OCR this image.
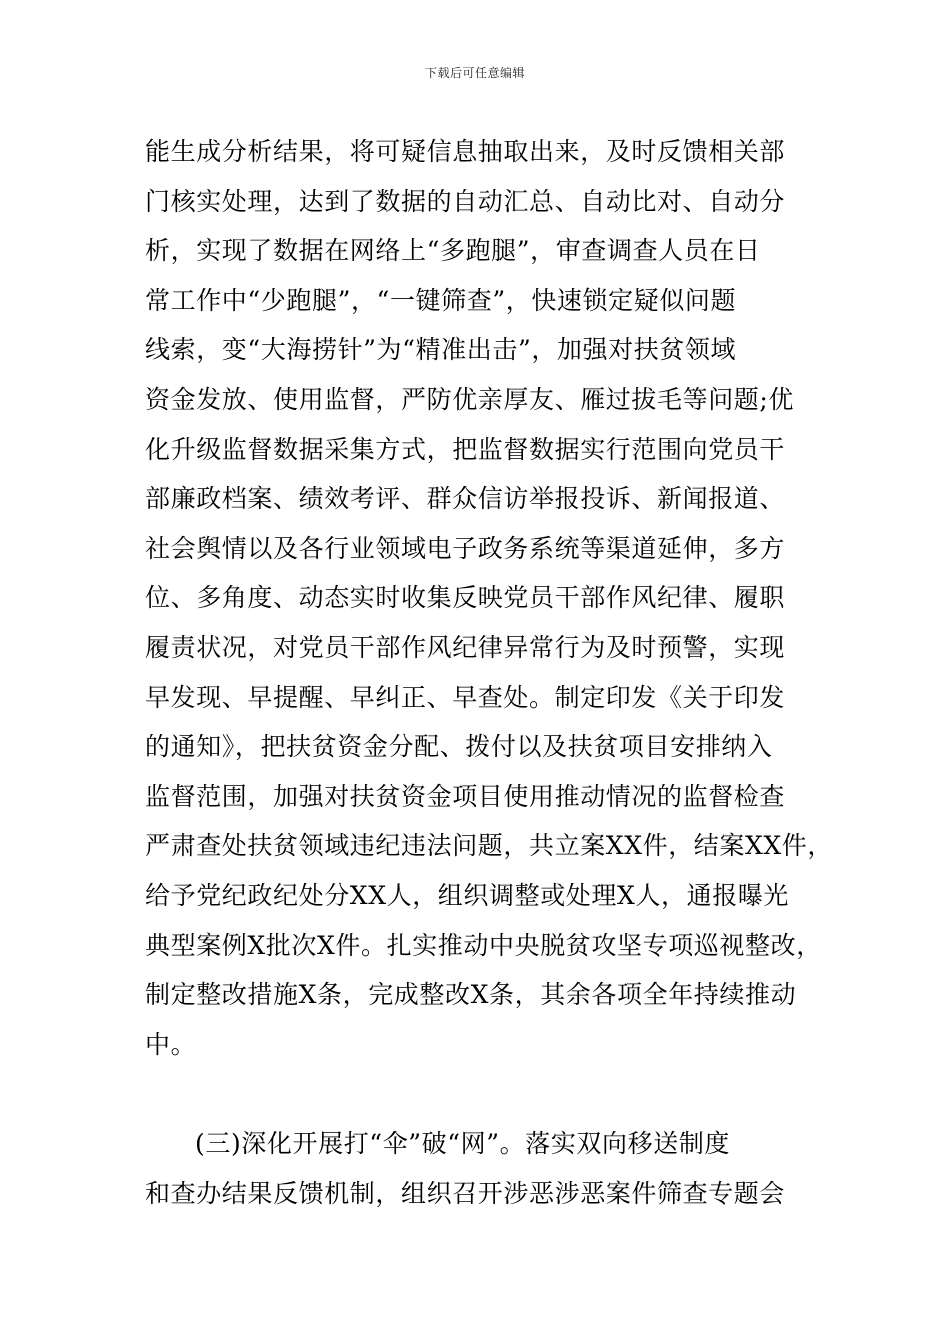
下载后可任意编辑
能生成分析结果，将可疑信息抽取出来，及时反馈相关部
门核实处理，达到了数据的自动汇总、自动比对、自动分
析，实现了数据在网络上“多跑腿”，审查调查人员在日
常工作中“少跑腿”，“一键筛查”，快速锁定疑似问题
线索，变“大海捞针”为“精准出击”，加强对扶贫领域
资金发放、使用监督，严防优亲厚友、雁过拔毛等问题;优
化升级监督数据采集方式，把监督数据实行范围向党员干
部廉政档案、绩效考评、群众信访举报投诉、新闻报道、
社会舆情以及各行业领域电子政务系统等渠道延伸，多方
位、多角度、动态实时收集反映党员干部作风纪律、履职
履责状况，对党员干部作风纪律异常行为及时预警，实现
早发现、早提醒、早纠正、早查处。制定印发《关于印发
的通知》，把扶贫资金分配、拨付以及扶贫项目安排纳入
监督范围，加强对扶贫资金项目使用推动情况的监督检查
严肃查处扶贫领域违纪违法问题，共立案XX件，结案XX件，
给予党纪政纪处分XX人，组织调整或处理X人，通报曝光
典型案例X批次X件。扎实推动中央脱贫攻坚专项巡视整改，
制定整改措施X条，完成整改X条，其余各项全年持续推动
中。
(三)深化开展打“伞”破“网”。落实双向移送制度
和查办结果反馈机制，组织召开涉恶涉恶案件筛查专题会
